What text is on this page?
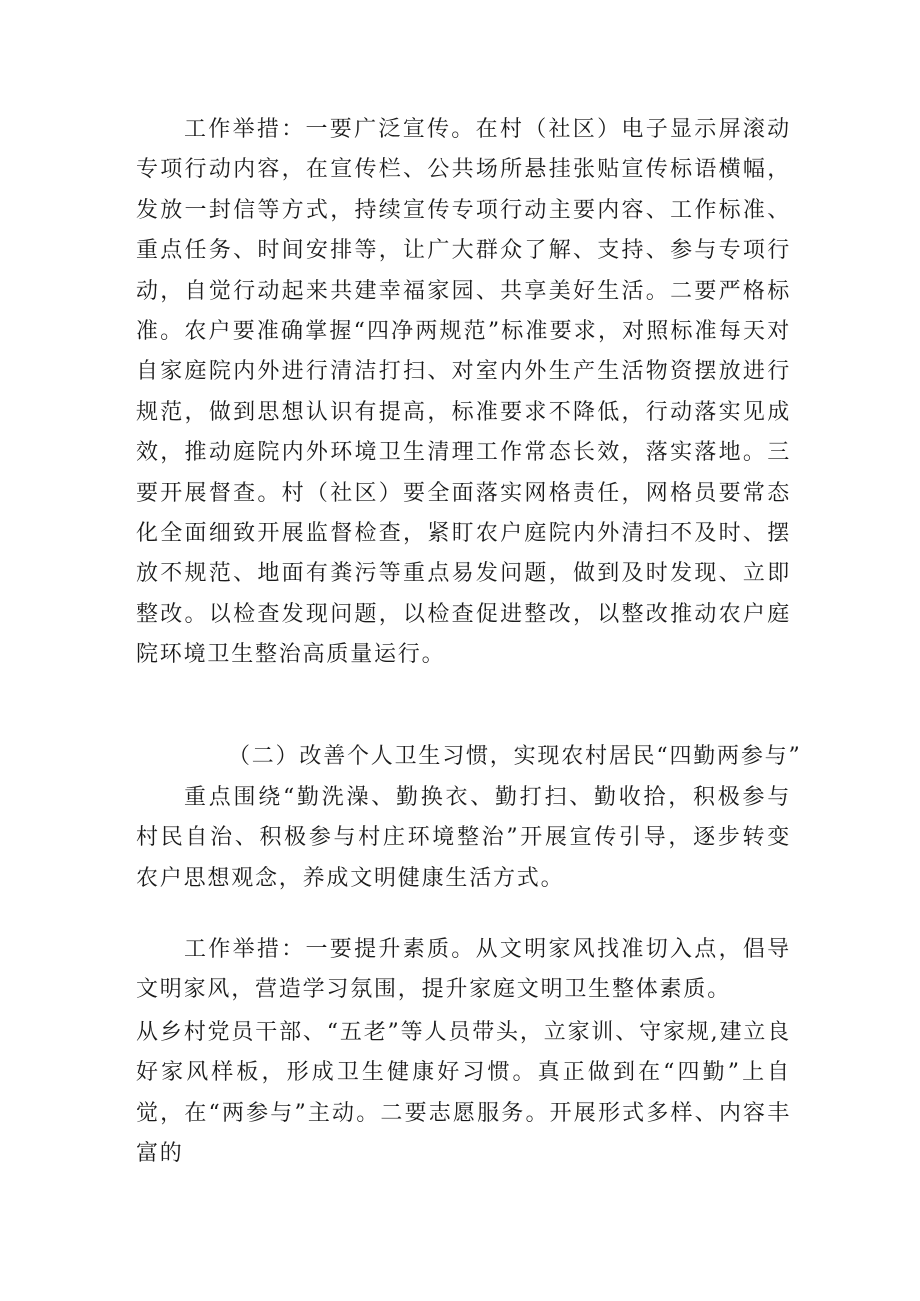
工作举措：一要广泛宣传。在村（社区）电子显示屏滚动专项行动内容，在宣传栏、公共场所悬挂张贴宣传标语横幅，发放一封信等方式，持续宣传专项行动主要内容、工作标准、重点任务、时间安排等，让广大群众了解、支持、参与专项行动，自觉行动起来共建幸福家园、共享美好生活。二要严格标准。农户要准确掌握“四净两规范”标准要求，对照标准每天对自家庭院内外进行清洁打扫、对室内外生产生活物资摆放进行规范，做到思想认识有提高，标准要求不降低，行动落实见成效，推动庭院内外环境卫生清理工作常态长效，落实落地。三要开展督查。村（社区）要全面落实网格责任，网格员要常态化全面细致开展监督检查，紧盯农户庭院内外清扫不及时、摆放不规范、地面有粪污等重点易发问题，做到及时发现、立即整改。以检查发现问题，以检查促进整改，以整改推动农户庭院环境卫生整治高质量运行。

（二）改善个人卫生习惯，实现农村居民“四勤两参与”

重点围绕“勤洗澡、勤换衣、勤打扫、勤收拾，积极参与村民自治、积极参与村庄环境整治”开展宣传引导，逐步转变农户思想观念，养成文明健康生活方式。

工作举措：一要提升素质。从文明家风找准切入点，倡导文明家风，营造学习氛围，提升家庭文明卫生整体素质。

从乡村党员干部、“五老”等人员带头，立家训、守家规,建立良好家风样板，形成卫生健康好习惯。真正做到在“四勤”上自觉，在“两参与”主动。二要志愿服务。开展形式多样、内容丰富的
